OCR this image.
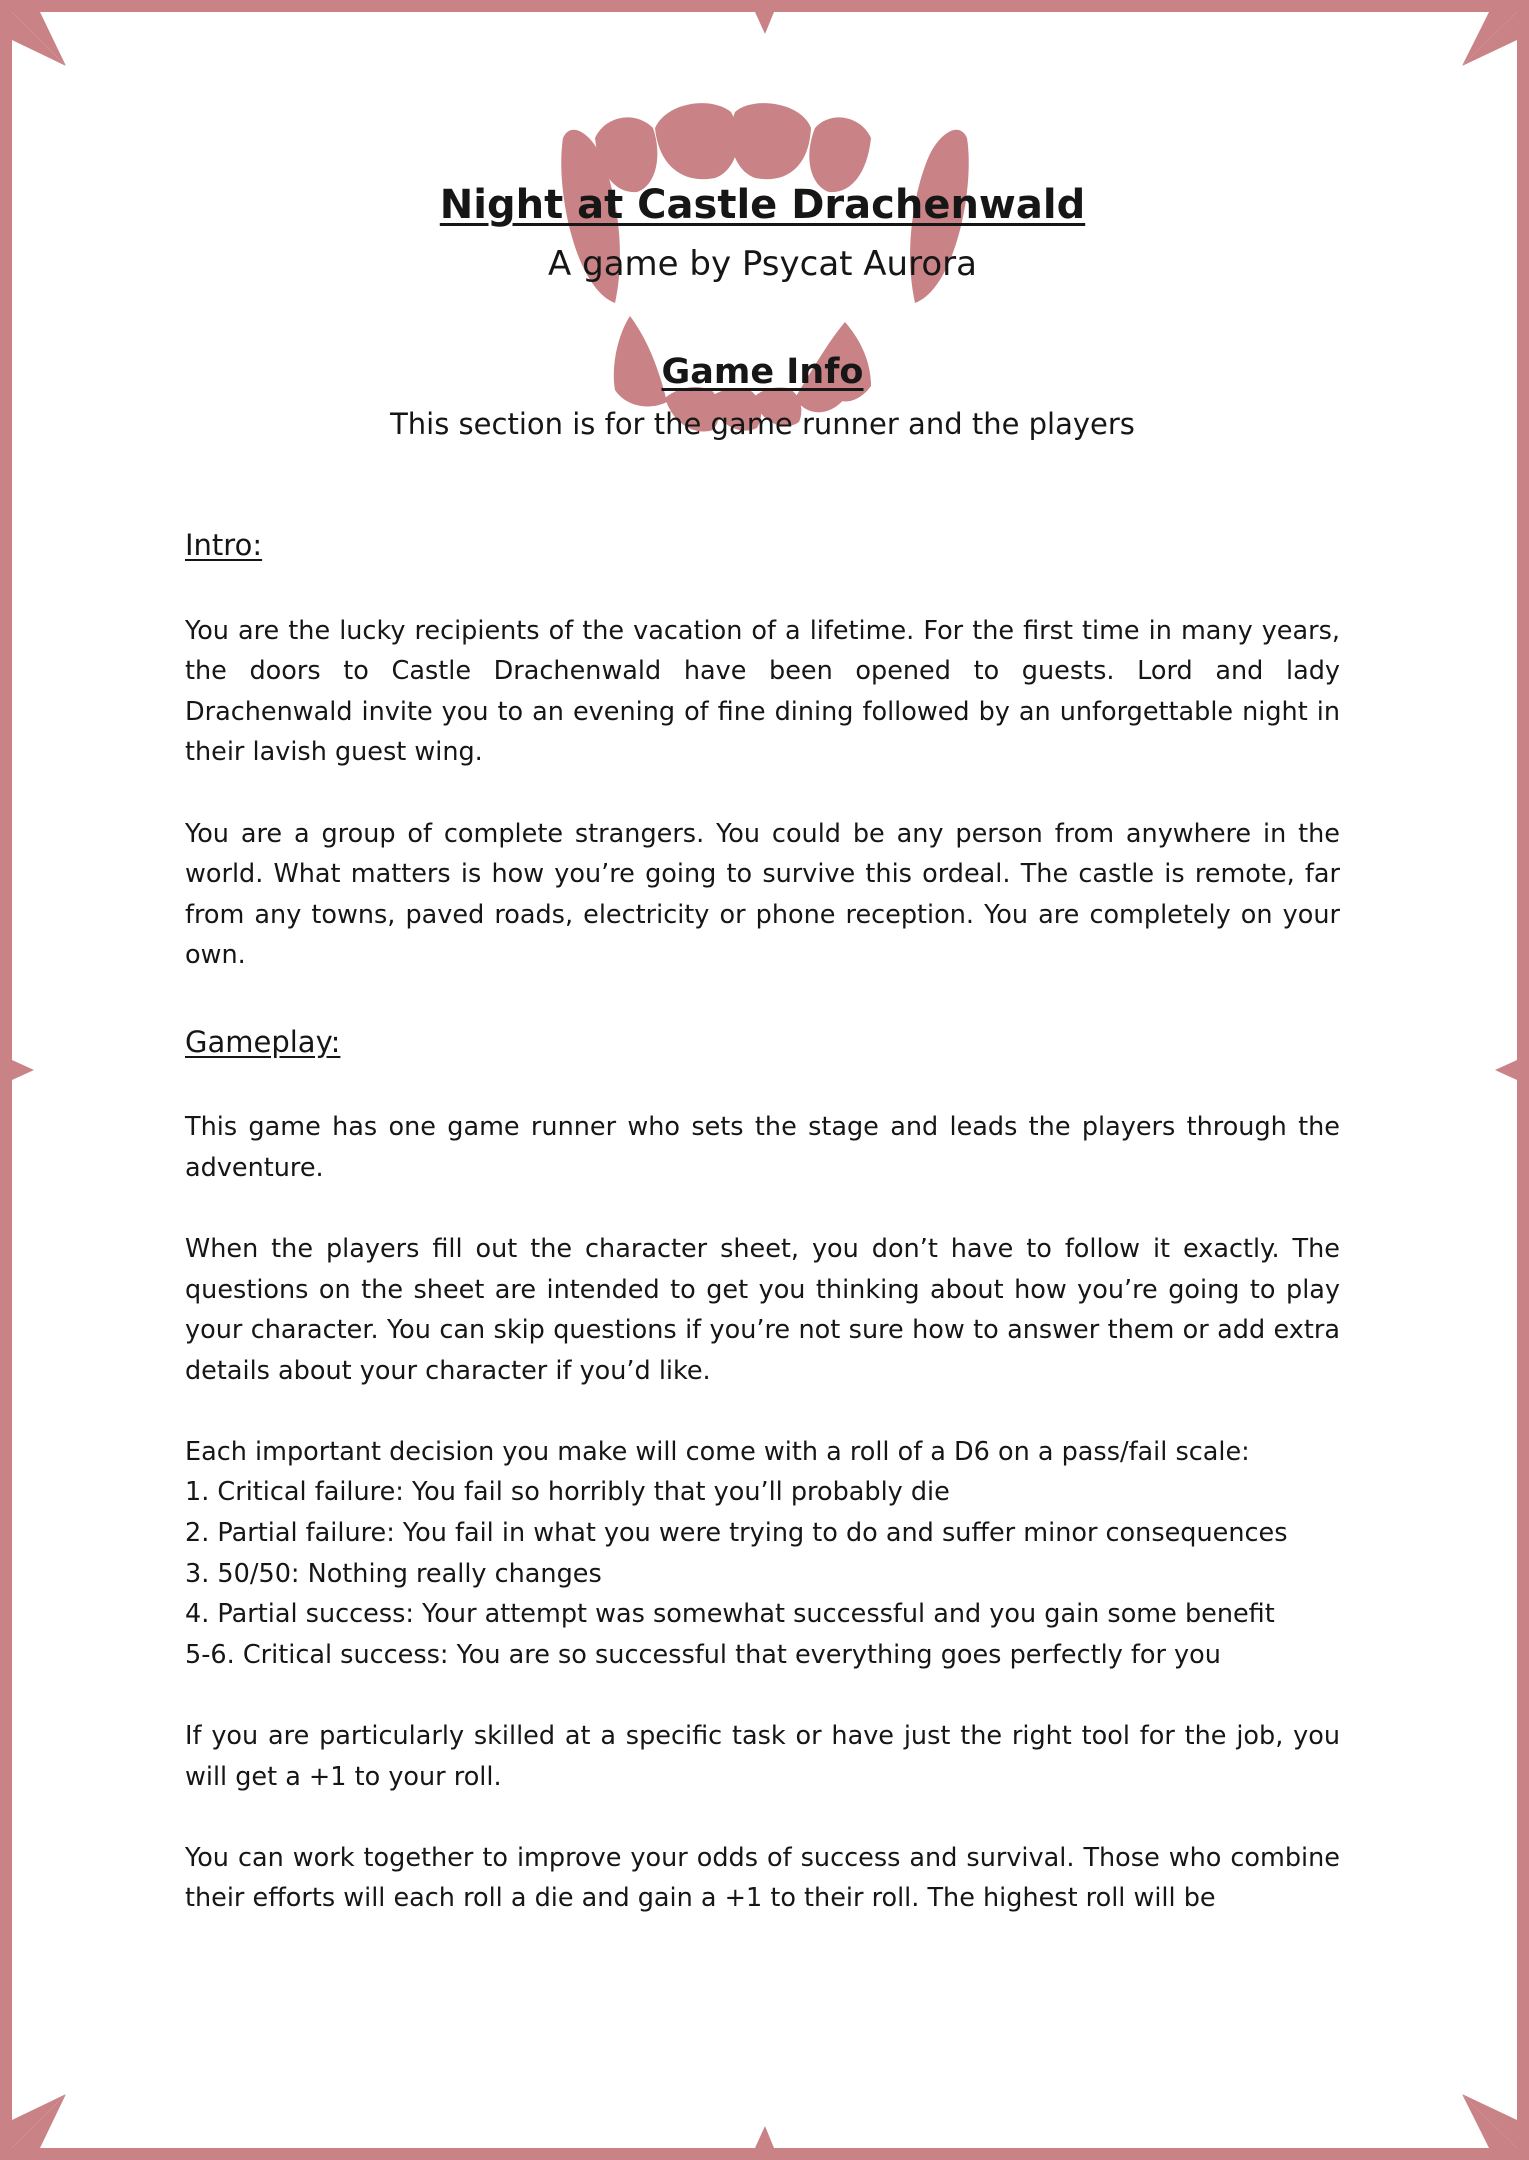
Night at Castle Drachenwald

A game by Psycat Aurora

Game Info

This section is for the game runner and the players

Intro:

You are the lucky recipients of the vacation of a lifetime. For the first time in many years, the doors to Castle Drachenwald have been opened to guests. Lord and lady Drachenwald invite you to an evening of fine dining followed by an unforgettable night in their lavish guest wing.

You are a group of complete strangers. You could be any person from anywhere in the world. What matters is how you’re going to survive this ordeal. The castle is remote, far from any towns, paved roads, electricity or phone reception. You are completely on your own.

Gameplay:

This game has one game runner who sets the stage and leads the players through the adventure.

When the players fill out the character sheet, you don’t have to follow it exactly. The questions on the sheet are intended to get you thinking about how you’re going to play your character. You can skip questions if you’re not sure how to answer them or add extra details about your character if you’d like.

Each important decision you make will come with a roll of a D6 on a pass/fail scale:
1. Critical failure: You fail so horribly that you’ll probably die
2. Partial failure: You fail in what you were trying to do and suffer minor consequences
3. 50/50: Nothing really changes
4. Partial success: Your attempt was somewhat successful and you gain some benefit
5-6. Critical success: You are so successful that everything goes perfectly for you

If you are particularly skilled at a specific task or have just the right tool for the job, you will get a +1 to your roll.

You can work together to improve your odds of success and survival. Those who combine their efforts will each roll a die and gain a +1 to their roll. The highest roll will be
